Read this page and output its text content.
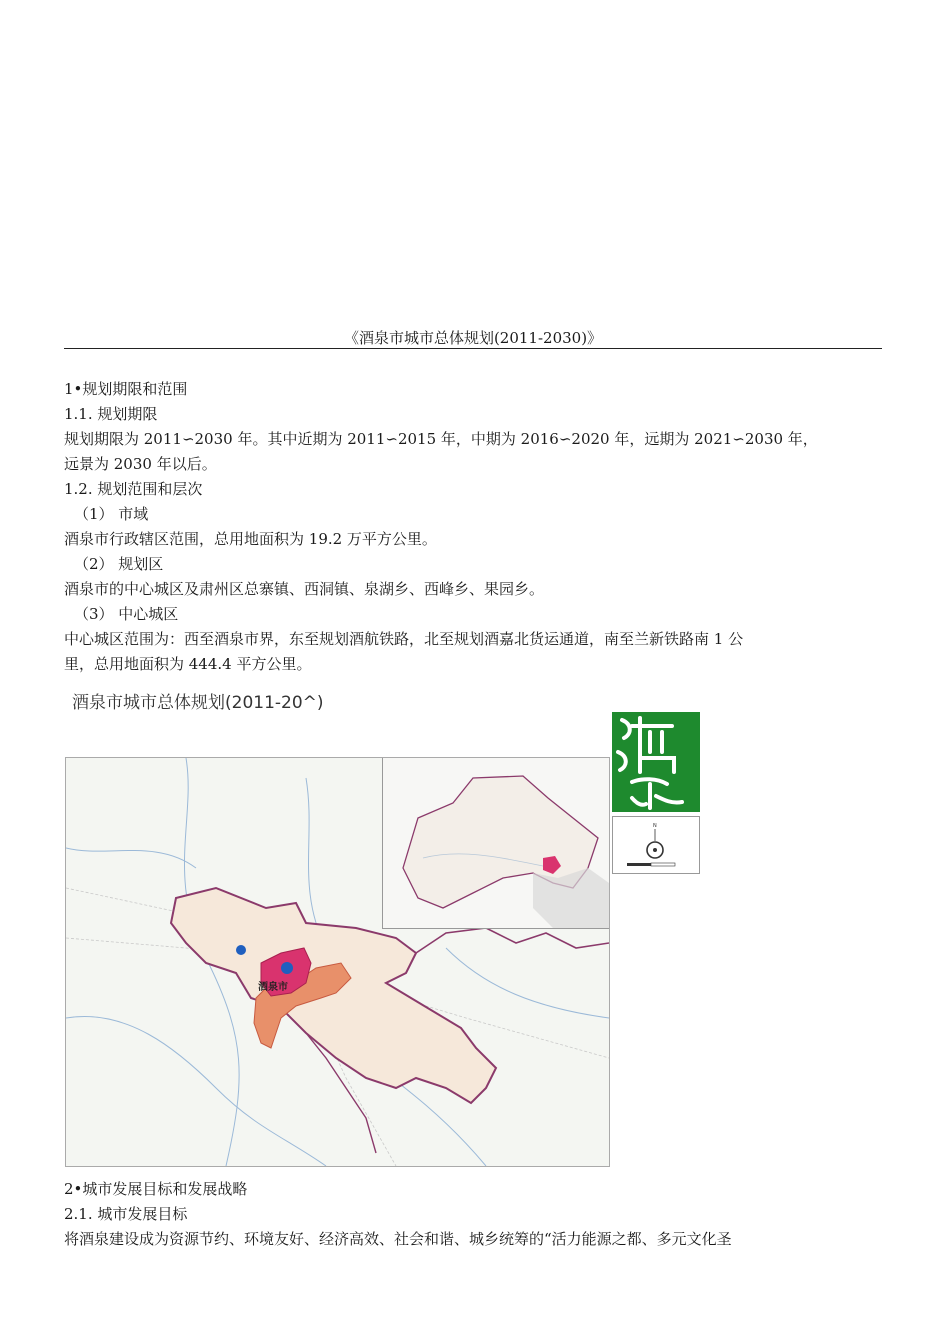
《酒泉市城市总体规划(2011-2030)》

1•规划期限和范围

1.1. 规划期限

规划期限为 2011∽2030 年。其中近期为 2011∽2015 年，中期为 2016∽2020 年，远期为 2021∽2030 年，

远景为 2030 年以后。

1.2. 规划范围和层次

（1） 市域

酒泉市行政辖区范围，总用地面积为 19.2 万平方公里。

（2） 规划区

酒泉市的中心城区及肃州区总寨镇、西洞镇、泉湖乡、西峰乡、果园乡。

（3） 中心城区

中心城区范围为：西至酒泉市界，东至规划酒航铁路，北至规划酒嘉北货运通道，南至兰新铁路南 1 公

里，总用地面积为 444.4 平方公里。

酒泉市城市总体规划(2011-20^)
酒泉市
N

2•城市发展目标和发展战略

2.1. 城市发展目标

将酒泉建设成为资源节约、环境友好、经济高效、社会和谐、城乡统筹的“活力能源之都、多元文化圣
